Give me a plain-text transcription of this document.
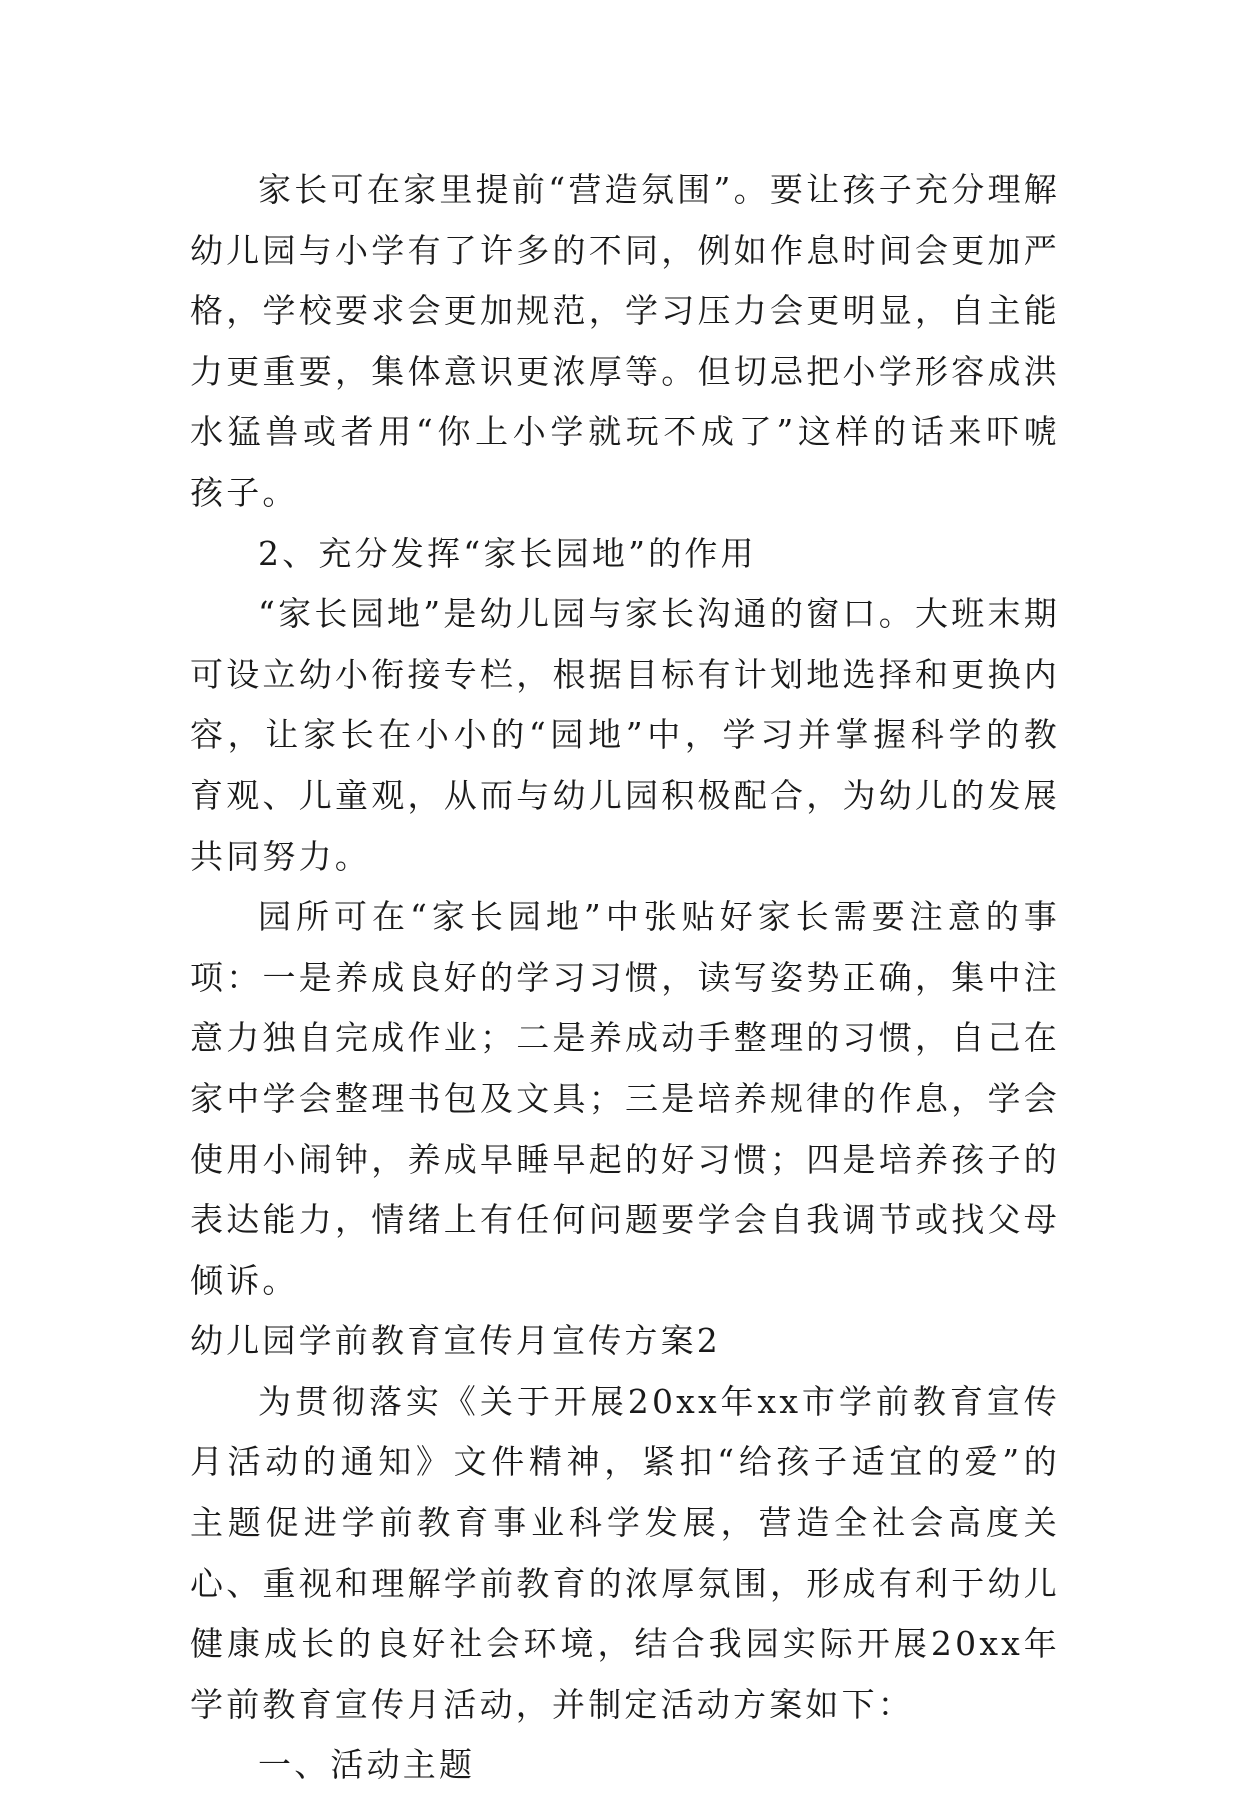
家长可在家里提前“营造氛围”。要让孩子充分理解幼儿园与小学有了许多的不同，例如作息时间会更加严格，学校要求会更加规范，学习压力会更明显，自主能力更重要，集体意识更浓厚等。但切忌把小学形容成洪水猛兽或者用“你上小学就玩不成了”这样的话来吓唬孩子。

2、充分发挥“家长园地”的作用

“家长园地”是幼儿园与家长沟通的窗口。大班末期可设立幼小衔接专栏，根据目标有计划地选择和更换内容，让家长在小小的“园地”中，学习并掌握科学的教育观、儿童观，从而与幼儿园积极配合，为幼儿的发展共同努力。

园所可在“家长园地”中张贴好家长需要注意的事项：一是养成良好的学习习惯，读写姿势正确，集中注意力独自完成作业；二是养成动手整理的习惯，自己在家中学会整理书包及文具；三是培养规律的作息，学会使用小闹钟，养成早睡早起的好习惯；四是培养孩子的表达能力，情绪上有任何问题要学会自我调节或找父母倾诉。

幼儿园学前教育宣传月宣传方案2

为贯彻落实《关于开展20xx年xx市学前教育宣传月活动的通知》文件精神，紧扣“给孩子适宜的爱”的主题促进学前教育事业科学发展，营造全社会高度关心、重视和理解学前教育的浓厚氛围，形成有利于幼儿健康成长的良好社会环境，结合我园实际开展20xx年学前教育宣传月活动，并制定活动方案如下：

一、活动主题
